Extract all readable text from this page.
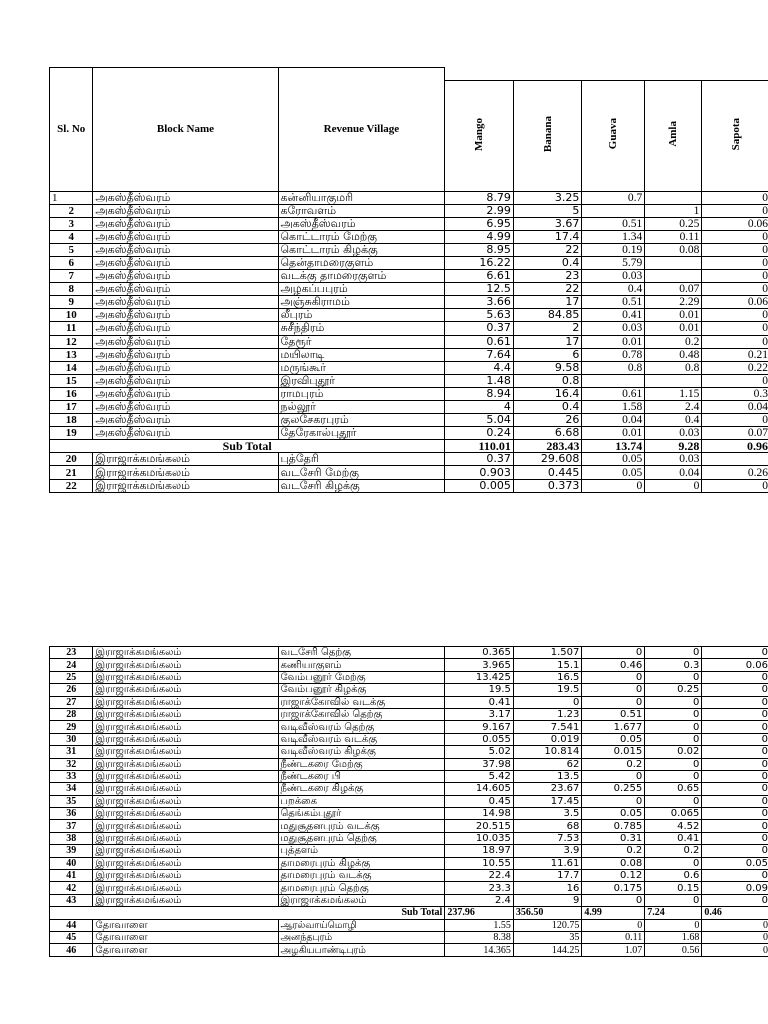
Sl. No	Block Name	Revenue Village					
			Mango	Banana	Guava	Amla	Sapota
1	அகஸ்தீஸ்வரம்	கன்னியாகுமரி	8.79	3.25	0.7		0
2	அகஸ்தீஸ்வரம்	கரோவளம்	2.99	5		1	0
3	அகஸ்தீஸ்வரம்	அகஸ்தீஸ்வரம்	6.95	3.67	0.51	0.25	0.06
4	அகஸ்தீஸ்வரம்	கொட்டாரம் மேற்கு	4.99	17.4	1.34	0.11	0
5	அகஸ்தீஸ்வரம்	கொட்டாரம் கிழக்கு	8.95	22	0.19	0.08	0
6	அகஸ்தீஸ்வரம்	தென்தாமரைகுளம்	16.22	0.4	5.79		0
7	அகஸ்தீஸ்வரம்	வடக்கு தாமரைகுளம்	6.61	23	0.03		0
8	அகஸ்தீஸ்வரம்	அழகப்பபுரம்	12.5	22	0.4	0.07	0
9	அகஸ்தீஸ்வரம்	அஞ்சுகிராமம்	3.66	17	0.51	2.29	0.06
10	அகஸ்தீஸ்வரம்	லீபுரம்	5.63	84.85	0.41	0.01	0
11	அகஸ்தீஸ்வரம்	சுசீந்திரம்	0.37	2	0.03	0.01	0
12	அகஸ்தீஸ்வரம்	தேரூர்	0.61	17	0.01	0.2	0
13	அகஸ்தீஸ்வரம்	மயிலாடி	7.64	6	0.78	0.48	0.21
14	அகஸ்தீஸ்வரம்	மருங்கூர்	4.4	9.58	0.8	0.8	0.22
15	அகஸ்தீஸ்வரம்	இரவிபுதூர்	1.48	0.8			0
16	அகஸ்தீஸ்வரம்	ராமபுரம்	8.94	16.4	0.61	1.15	0.3
17	அகஸ்தீஸ்வரம்	நல்லூர்	4	0.4	1.58	2.4	0.04
18	அகஸ்தீஸ்வரம்	குலசேகரபுரம்	5.04	26	0.04	0.4	0
19	அகஸ்தீஸ்வரம்	தேரேகால்புதூர்	0.24	6.68	0.01	0.03	0.07
Sub Total			110.01	283.43	13.74	9.28	0.96
20	இராஜாக்கமங்கலம்	புத்தேரி	0.37	29.608	0.05	0.03	
21	இராஜாக்கமங்கலம்	வடசேரி மேற்கு	0.903	0.445	0.05	0.04	0.26
22	இராஜாக்கமங்கலம்	வடசேரி கிழக்கு	0.005	0.373	0	0	0
23	இராஜாக்கமங்கலம்	வடசேரி தெற்கு	0.365	1.507	0	0	0
24	இராஜாக்கமங்கலம்	கணியாகுளம்	3.965	15.1	0.46	0.3	0.06
25	இராஜாக்கமங்கலம்	வேம்பனூர் மேற்கு	13.425	16.5	0	0	0
26	இராஜாக்கமங்கலம்	வேம்பனூர் கிழக்கு	19.5	19.5	0	0.25	0
27	இராஜாக்கமங்கலம்	ராஜாக்கோவில் வடக்கு	0.41	0	0	0	0
28	இராஜாக்கமங்கலம்	ராஜாக்கோவில் தெற்கு	3.17	1.23	0.51	0	0
29	இராஜாக்கமங்கலம்	வடிவீஸ்வரம் தெற்கு	9.167	7.541	1.677	0	0
30	இராஜாக்கமங்கலம்	வடிவீஸ்வரம் வடக்கு	0.055	0.019	0.05	0	0
31	இராஜாக்கமங்கலம்	வடிவீஸ்வரம் கிழக்கு	5.02	10.814	0.015	0.02	0
32	இராஜாக்கமங்கலம்	நீண்டகரை மேற்கு	37.98	62	0.2	0	0
33	இராஜாக்கமங்கலம்	நீண்டகரை பி	5.42	13.5	0	0	0
34	இராஜாக்கமங்கலம்	நீண்டகரை கிழக்கு	14.605	23.67	0.255	0.65	0
35	இராஜாக்கமங்கலம்	பறக்கை	0.45	17.45	0	0	0
36	இராஜாக்கமங்கலம்	தெங்கம்புதூர்	14.98	3.5	0.05	0.065	0
37	இராஜாக்கமங்கலம்	மதுசூதனபுரம் வடக்கு	20.515	68	0.785	4.52	0
38	இராஜாக்கமங்கலம்	மதுசூதனபுரம் தெற்கு	10.035	7.53	0.31	0.41	0
39	இராஜாக்கமங்கலம்	புத்தளம்	18.97	3.9	0.2	0.2	0
40	இராஜாக்கமங்கலம்	தாமரைபுரம் கிழக்கு	10.55	11.61	0.08	0	0.05
41	இராஜாக்கமங்கலம்	தாமரைபுரம் வடக்கு	22.4	17.7	0.12	0.6	0
42	இராஜாக்கமங்கலம்	தாமரைபுரம் தெற்கு	23.3	16	0.175	0.15	0.09
43	இராஜாக்கமங்கலம்	இராஜாக்கமங்கலம்	2.4	9	0	0	0
Sub Total			237.96	356.50	4.99	7.24	0.46
44	தோவாளை	ஆரல்வாய்மொழி	1.55	120.75	0	0	0
45	தோவாளை	அனந்தபுரம்	8.38	35	0.11	1.68	0
46	தோவாளை	அழகியபாண்டிபுரம்	14.365	144.25	1.07	0.56	0
